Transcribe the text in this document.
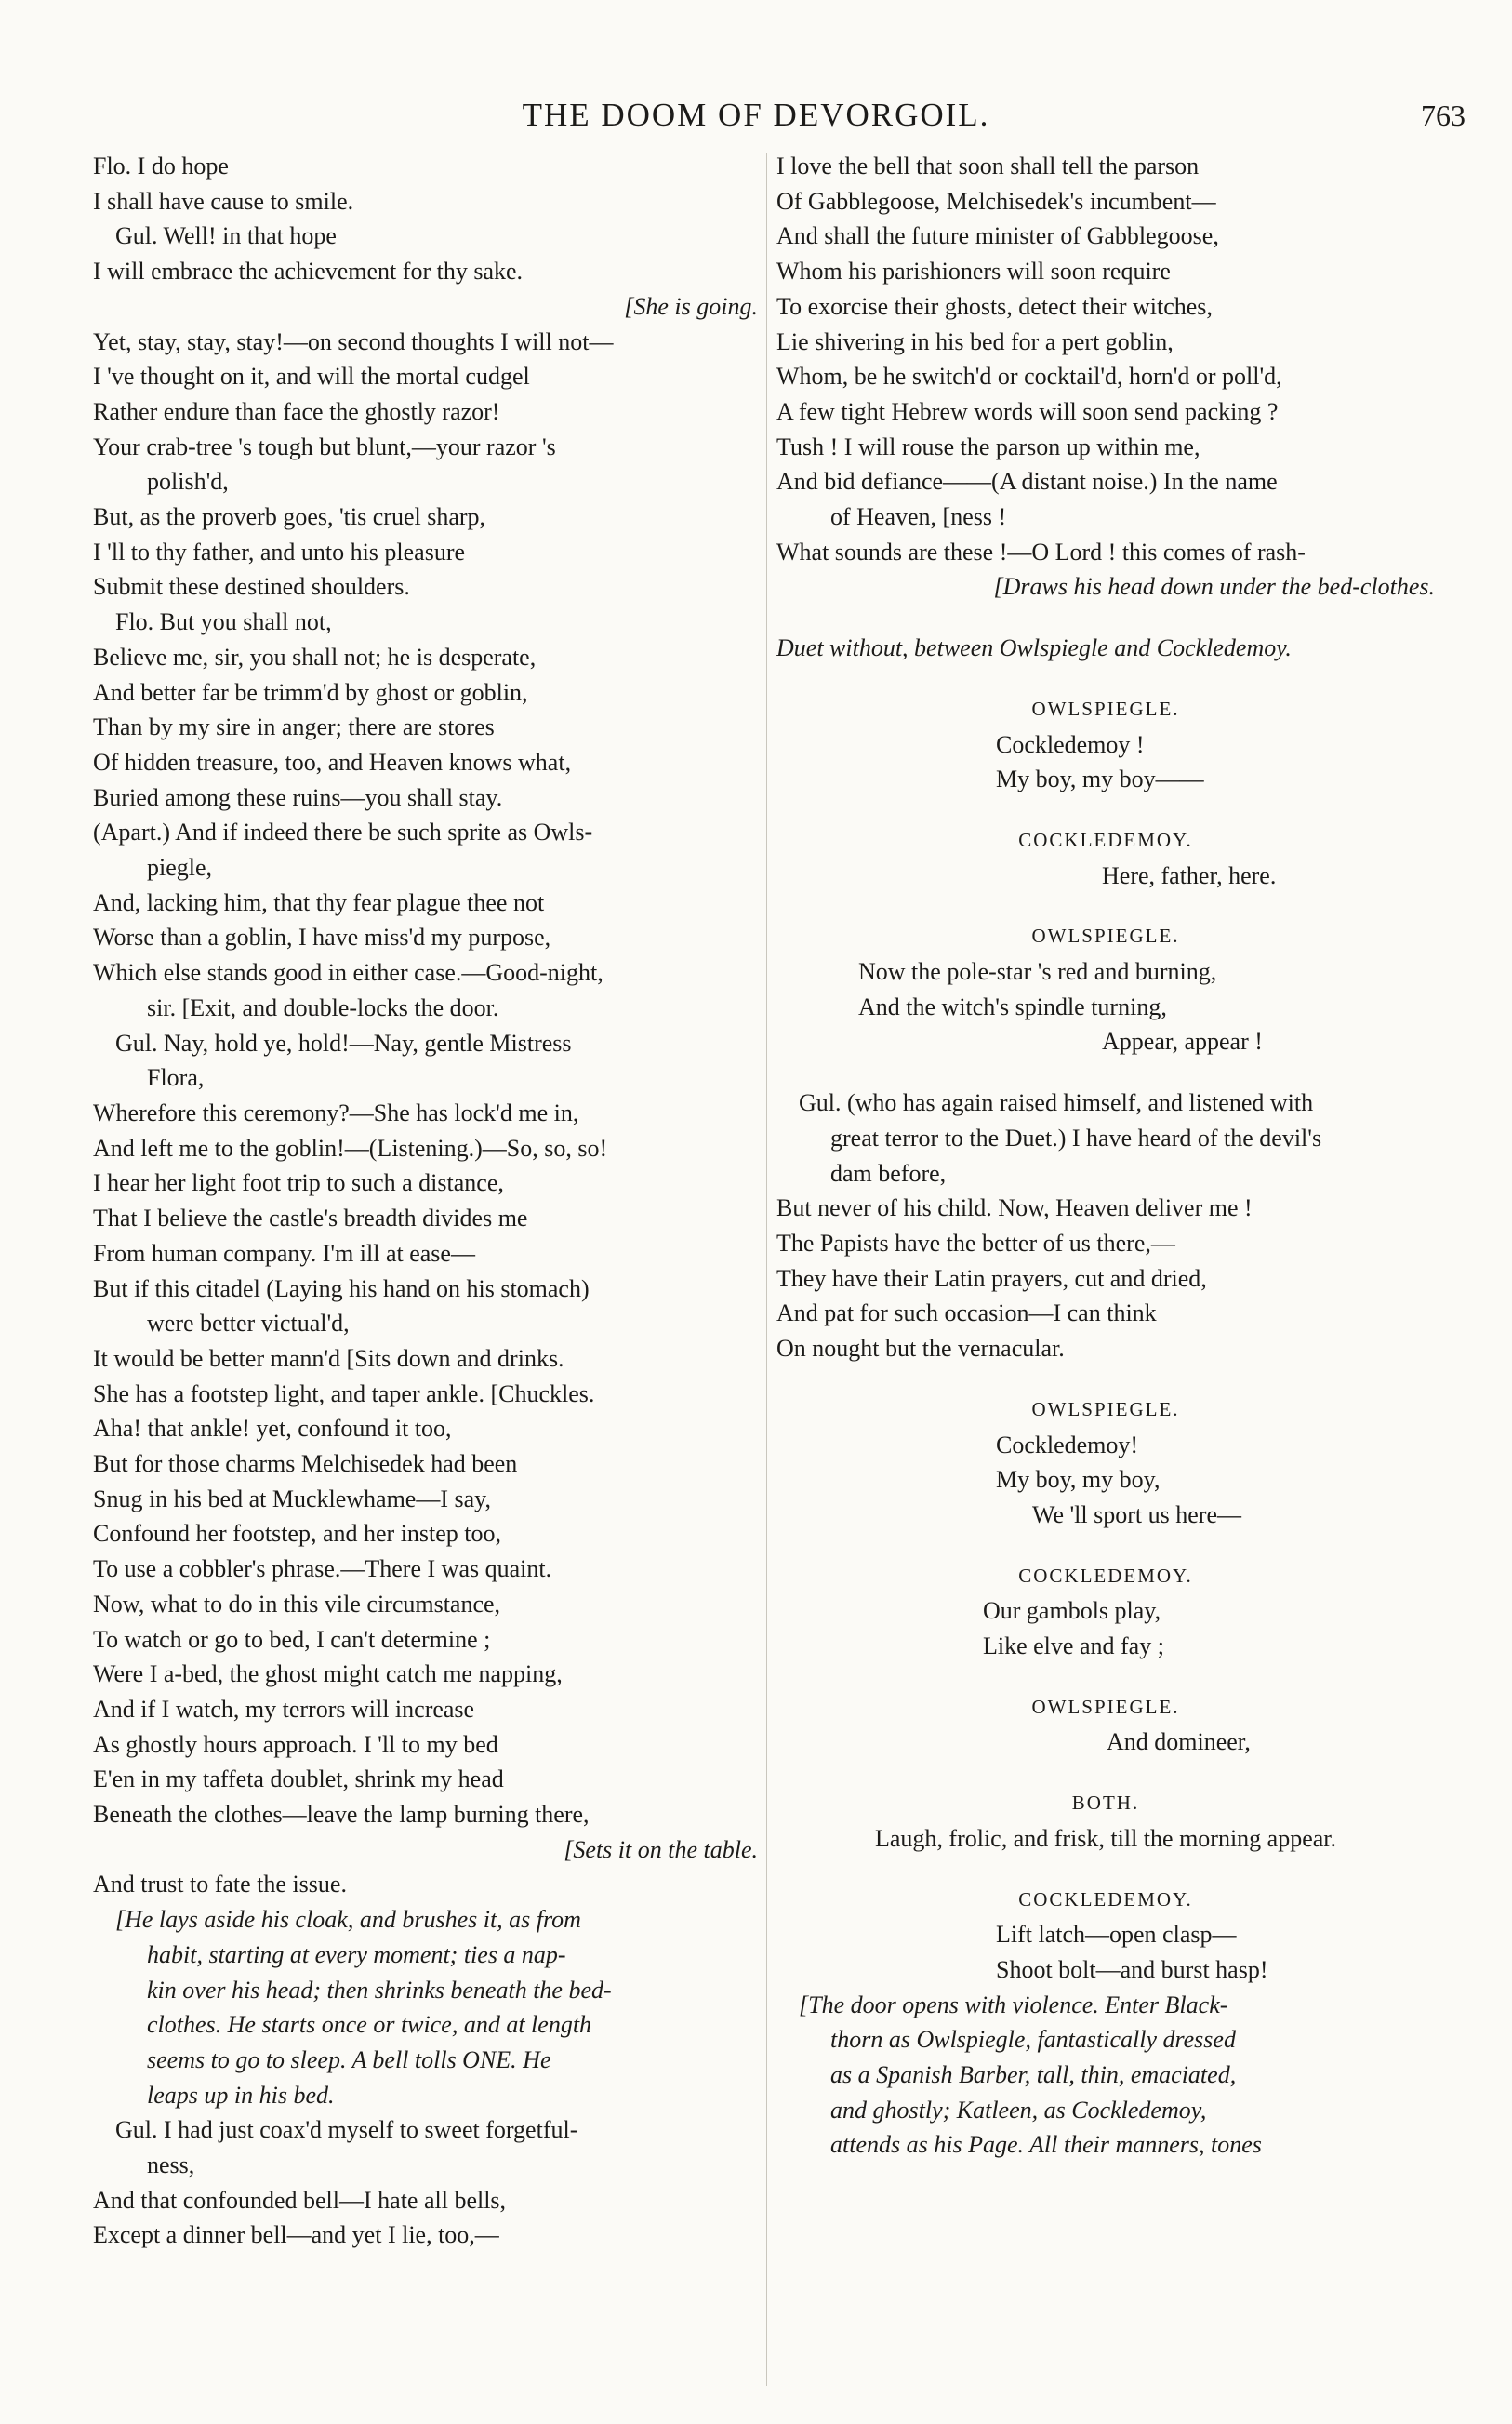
THE DOOM OF DEVORGOIL.	763
Flo. I do hope
I shall have cause to smile.
Gul. Well! in that hope
I will embrace the achievement for thy sake.
[She is going.
Yet, stay, stay, stay!—on second thoughts I will not—
I 've thought on it, and will the mortal cudgel
Rather endure than face the ghostly razor!
Your crab-tree 's tough but blunt,—your razor 's
polish'd,
But, as the proverb goes, 'tis cruel sharp,
I 'll to thy father, and unto his pleasure
Submit these destined shoulders.
Flo. But you shall not,
Believe me, sir, you shall not; he is desperate,
And better far be trimm'd by ghost or goblin,
Than by my sire in anger; there are stores
Of hidden treasure, too, and Heaven knows what,
Buried among these ruins—you shall stay.
(Apart.) And if indeed there be such sprite as Owls-
piegle,
And, lacking him, that thy fear plague thee not
Worse than a goblin, I have miss'd my purpose,
Which else stands good in either case.—Good-night,
sir. [Exit, and double-locks the door.
Gul. Nay, hold ye, hold!—Nay, gentle Mistress
Flora,
Wherefore this ceremony?—She has lock'd me in,
And left me to the goblin!—(Listening.)—So, so, so!
I hear her light foot trip to such a distance,
That I believe the castle's breadth divides me
From human company. I'm ill at ease—
But if this citadel (Laying his hand on his stomach)
were better victual'd,
It would be better mann'd [Sits down and drinks.
She has a footstep light, and taper ankle. [Chuckles.
Aha! that ankle! yet, confound it too,
But for those charms Melchisedek had been
Snug in his bed at Mucklewhame—I say,
Confound her footstep, and her instep too,
To use a cobbler's phrase.—There I was quaint.
Now, what to do in this vile circumstance,
To watch or go to bed, I can't determine ;
Were I a-bed, the ghost might catch me napping,
And if I watch, my terrors will increase
As ghostly hours approach. I 'll to my bed
E'en in my taffeta doublet, shrink my head
Beneath the clothes—leave the lamp burning there,
[Sets it on the table.
And trust to fate the issue.
[He lays aside his cloak, and brushes it, as from
habit, starting at every moment; ties a nap-
kin over his head; then shrinks beneath the bed-
clothes. He starts once or twice, and at length
seems to go to sleep. A bell tolls ONE. He
leaps up in his bed.
Gul. I had just coax'd myself to sweet forgetful-
ness,
And that confounded bell—I hate all bells,
Except a dinner bell—and yet I lie, too,—
I love the bell that soon shall tell the parson
Of Gabblegoose, Melchisedek's incumbent—
And shall the future minister of Gabblegoose,
Whom his parishioners will soon require
To exorcise their ghosts, detect their witches,
Lie shivering in his bed for a pert goblin,
Whom, be he switch'd or cocktail'd, horn'd or poll'd,
A few tight Hebrew words will soon send packing ?
Tush ! I will rouse the parson up within me,
And bid defiance——(A distant noise.) In the name
of Heaven, [ness !
What sounds are these !—O Lord ! this comes of rash-
[Draws his head down under the bed-clothes.
Duet without, between Owlspiegle and Cockledemoy.
OWLSPIEGLE.
Cockledemoy !
My boy, my boy——
COCKLEDEMOY.
Here, father, here.
OWLSPIEGLE.
Now the pole-star 's red and burning,
And the witch's spindle turning,
Appear, appear !
Gul. (who has again raised himself, and listened with
great terror to the Duet.) I have heard of the devil's
dam before,
But never of his child. Now, Heaven deliver me !
The Papists have the better of us there,—
They have their Latin prayers, cut and dried,
And pat for such occasion—I can think
On nought but the vernacular.
OWLSPIEGLE.
Cockledemoy!
My boy, my boy,
We 'll sport us here—
COCKLEDEMOY.
Our gambols play,
Like elve and fay ;
OWLSPIEGLE.
And domineer,
BOTH.
Laugh, frolic, and frisk, till the morning appear.
COCKLEDEMOY.
Lift latch—open clasp—
Shoot bolt—and burst hasp!
[The door opens with violence. Enter Black-
thorn as Owlspiegle, fantastically dressed
as a Spanish Barber, tall, thin, emaciated,
and ghostly; Katleen, as Cockledemoy,
attends as his Page. All their manners, tones
